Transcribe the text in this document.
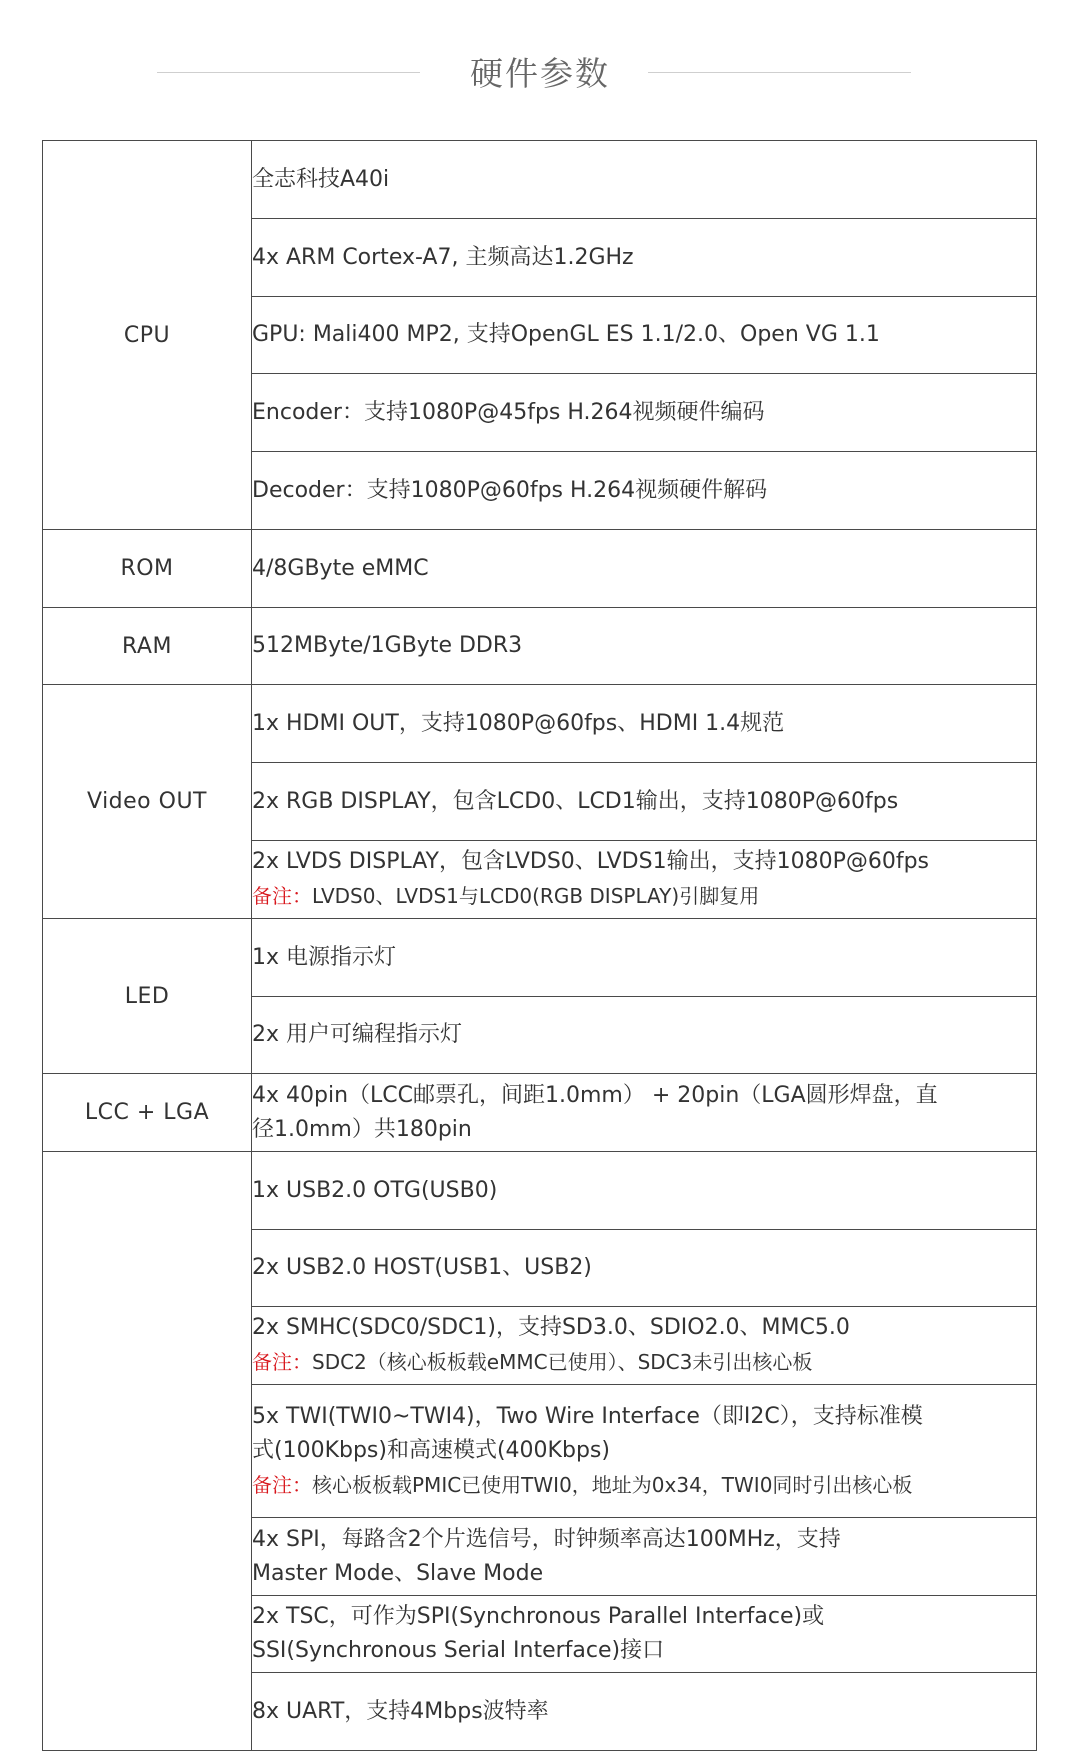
硬件参数
CPU	全志科技A40i
	4x ARM Cortex-A7, 主频高达1.2GHz
	GPU: Mali400 MP2, 支持OpenGL ES 1.1/2.0、Open VG 1.1
	Encoder：支持1080P@45fps H.264视频硬件编码
	Decoder：支持1080P@60fps H.264视频硬件解码
ROM	4/8GByte eMMC
RAM	512MByte/1GByte DDR3
Video OUT	1x HDMI OUT，支持1080P@60fps、HDMI 1.4规范
	2x RGB DISPLAY，包含LCD0、LCD1输出，支持1080P@60fps

	2x LVDS DISPLAY，包含LVDS0、LVDS1输出，支持1080P@60fps
备注：LVDS0、LVDS1与LCD0(RGB DISPLAY)引脚复用

LED	1x 电源指示灯
	2x 用户可编程指示灯
LCC + LGA	4x 40pin（LCC邮票孔，间距1.0mm） + 20pin（LGA圆形焊盘，直
径1.0mm）共180pin

	1x USB2.0 OTG(USB0)
	2x USB2.0 HOST(USB1、USB2)

	2x SMHC(SDC0/SDC1)，支持SD3.0、SDIO2.0、MMC5.0
备注：SDC2（核心板板载eMMC已使用）、SDC3未引出核心板

	5x TWI(TWI0~TWI4)，Two Wire Interface（即I2C），支持标准模
式(100Kbps)和高速模式(400Kbps)
备注：核心板板载PMIC已使用TWI0，地址为0x34，TWI0同时引出核心板

	4x SPI，每路含2个片选信号，时钟频率高达100MHz，支持
Master Mode、Slave Mode

	2x TSC，可作为SPI(Synchronous Parallel Interface)或
SSI(Synchronous Serial Interface)接口

	8x UART，支持4Mbps波特率
